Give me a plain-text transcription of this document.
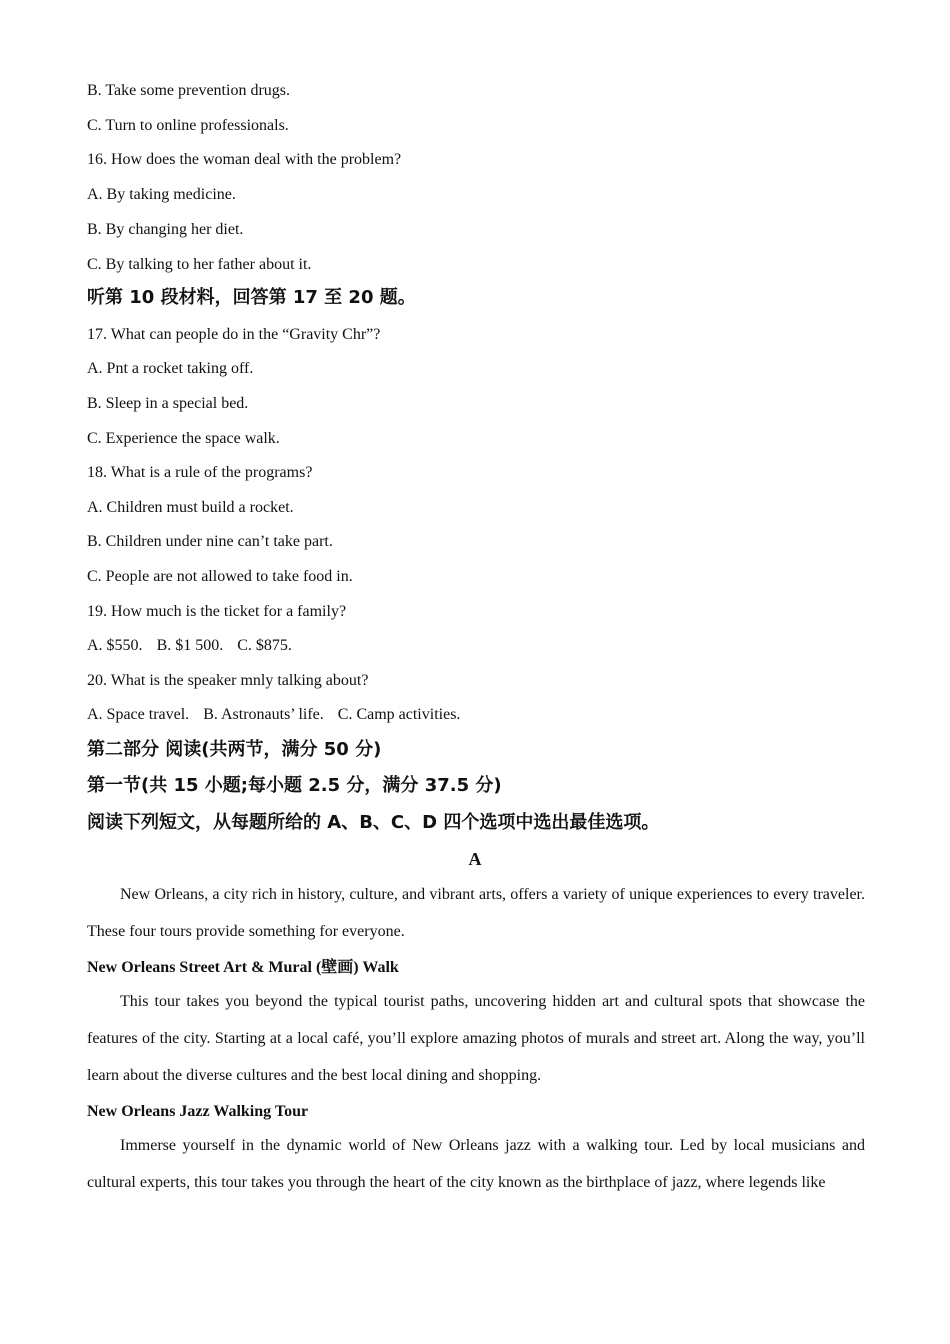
B. Take some prevention drugs.
C. Turn to online professionals.
16. How does the woman deal with the problem?
A. By taking medicine.
B. By changing her diet.
C. By talking to her father about it.
听第 10 段材料，回答第 17 至 20 题。
17. What can people do in the “Gravity Chr”?
A. Pnt a rocket taking off.
B. Sleep in a special bed.
C. Experience the space walk.
18. What is a rule of the programs?
A. Children must build a rocket.
B. Children under nine can’t take part.
C. People are not allowed to take food in.
19. How much is the ticket for a family?
A. $550. B. $1 500. C. $875.
20. What is the speaker mnly talking about?
A. Space travel. B. Astronauts’ life. C. Camp activities.
第二部分 阅读(共两节，满分 50 分)
第一节(共 15 小题;每小题 2.5 分，满分 37.5 分)
阅读下列短文，从每题所给的 A、B、C、D 四个选项中选出最佳选项。
A
New Orleans, a city rich in history, culture, and vibrant arts, offers a variety of unique experiences to every traveler. These four tours provide something for everyone.
New Orleans Street Art & Mural (壁画) Walk
This tour takes you beyond the typical tourist paths, uncovering hidden art and cultural spots that showcase the features of the city. Starting at a local café, you’ll explore amazing photos of murals and street art. Along the way, you’ll learn about the diverse cultures and the best local dining and shopping.
New Orleans Jazz Walking Tour
Immerse yourself in the dynamic world of New Orleans jazz with a walking tour. Led by local musicians and cultural experts, this tour takes you through the heart of the city known as the birthplace of jazz, where legends like
